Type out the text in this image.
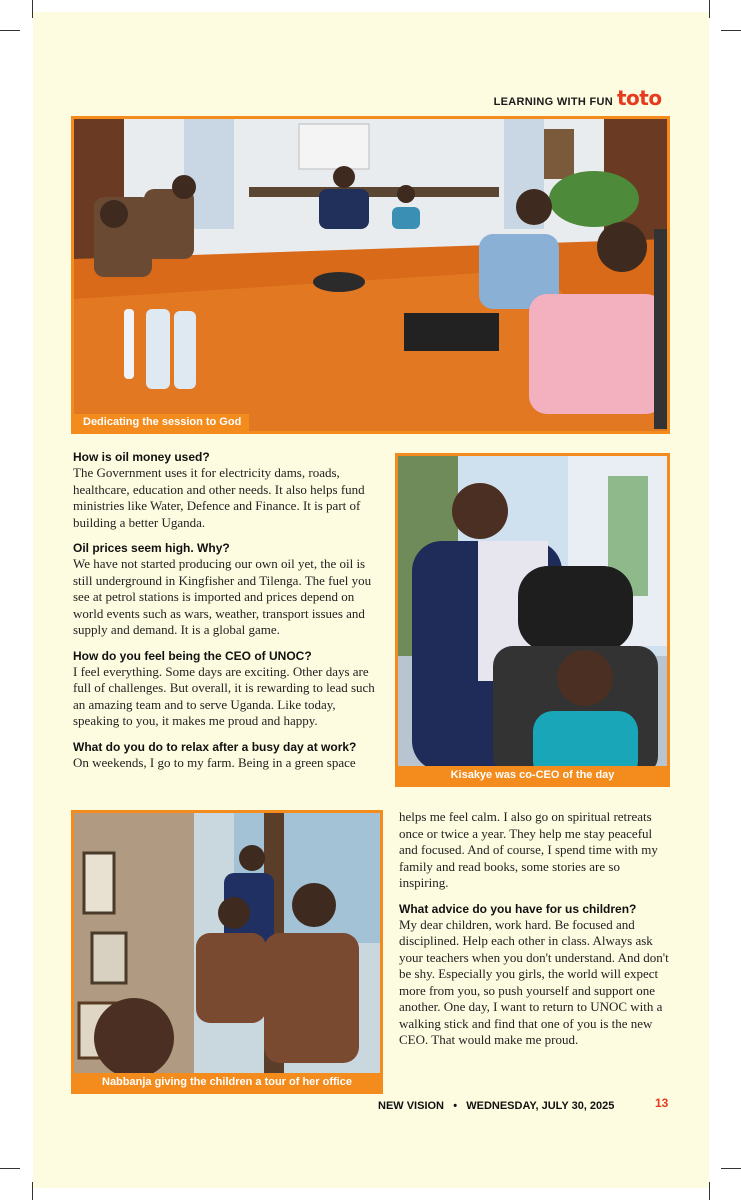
LEARNING WITH FUN toto
Dedicating the session to God

How is oil money used?

The Government uses it for electricity dams, roads, healthcare, education and other needs. It also helps fund ministries like Water, Defence and Finance. It is part of building a better Uganda.

Oil prices seem high. Why?

We have not started producing our own oil yet, the oil is still underground in Kingfisher and Tilenga. The fuel you see at petrol stations is imported and prices depend on world events such as wars, weather, transport issues and supply and demand. It is a global game.

How do you feel being the CEO of UNOC?

I feel everything. Some days are exciting. Other days are full of challenges. But overall, it is rewarding to lead such an amazing team and to serve Uganda. Like today, speaking to you, it makes me proud and happy.

What do you do to relax after a busy day at work?

On weekends, I go to my farm. Being in a green space

Kisakye was co-CEO of the day
Nabbanja giving the children a tour of her office

helps me feel calm. I also go on spiritual retreats once or twice a year. They help me stay peaceful and focused. And of course, I spend time with my family and read books, some stories are so inspiring.

What advice do you have for us children?

My dear children, work hard. Be focused and disciplined. Help each other in class. Always ask your teachers when you don't understand. And don't be shy. Especially you girls, the world will expect more from you, so push yourself and support one another. One day, I want to return to UNOC with a walking stick and find that one of you is the new CEO. That would make me proud.

NEW VISION • WEDNESDAY, JULY 30, 2025	13
